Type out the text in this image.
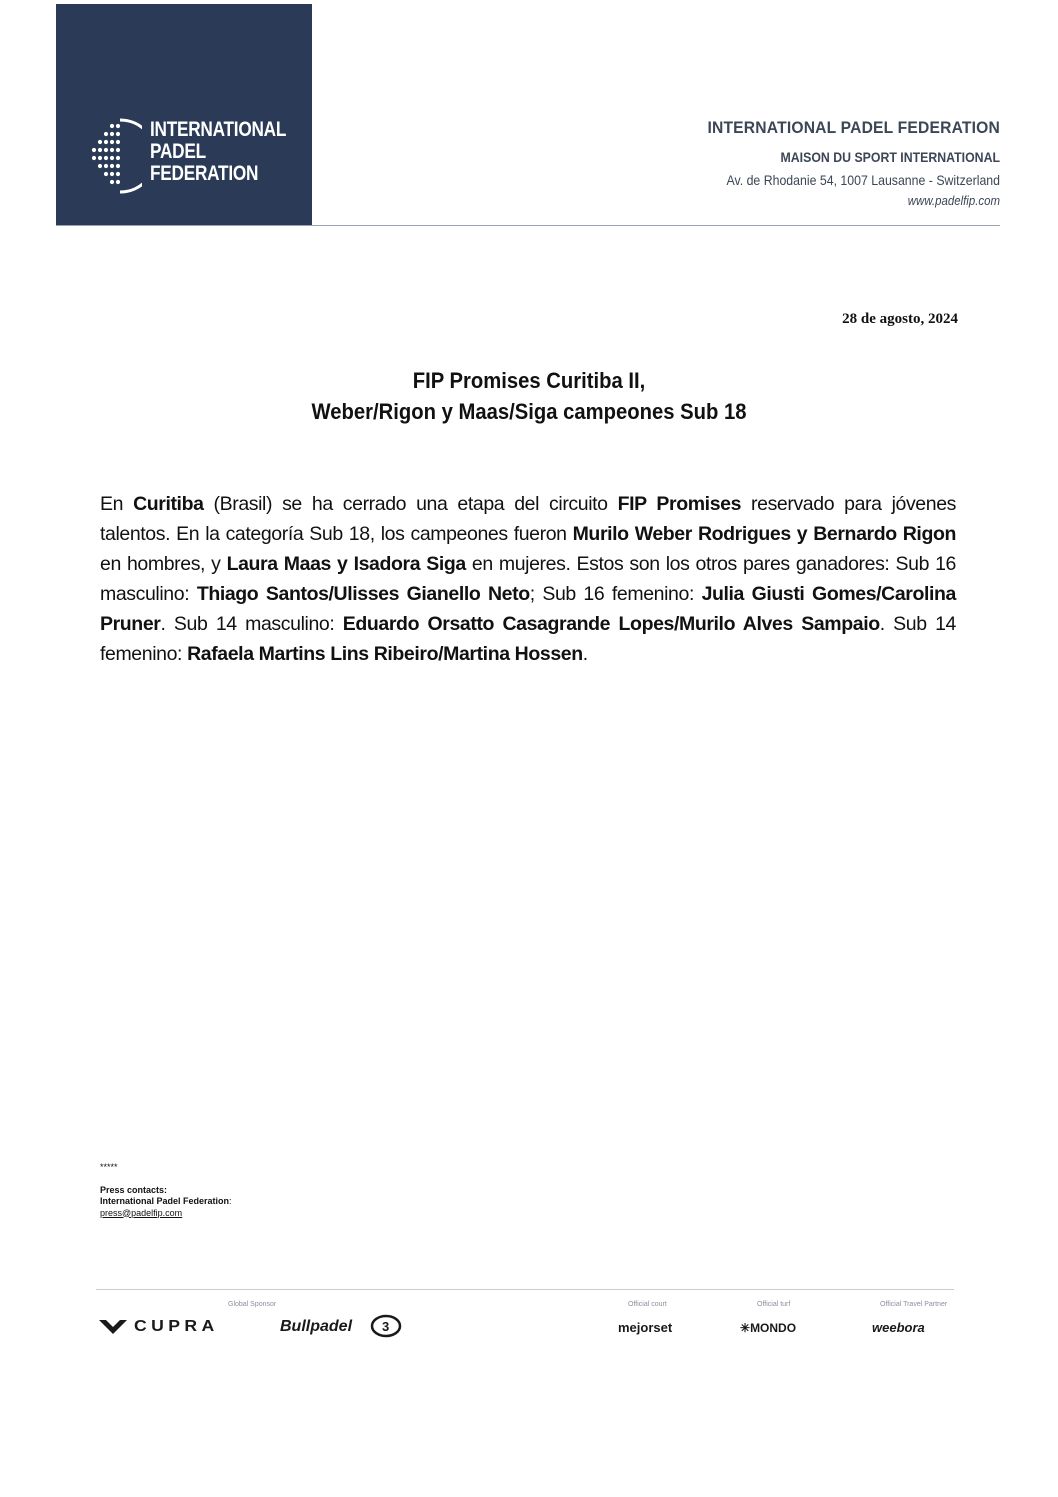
INTERNATIONAL
PADEL
FEDERATION
INTERNATIONAL PADEL FEDERATION
MAISON DU SPORT INTERNATIONAL
Av. de Rhodanie 54, 1007 Lausanne - Switzerland
www.padelfip.com
28 de agosto, 2024
FIP Promises Curitiba II,
Weber/Rigon y Maas/Siga campeones Sub 18
En Curitiba (Brasil) se ha cerrado una etapa del circuito FIP Promises reservado para jóvenes talentos. En la categoría Sub 18, los campeones fueron Murilo Weber Rodrigues y Bernardo Rigon en hombres, y Laura Maas y Isadora Siga en mujeres. Estos son los otros pares ganadores: Sub 16 masculino: Thiago Santos/Ulisses Gianello Neto; Sub 16 femenino: Julia Giusti Gomes/Carolina Pruner. Sub 14 masculino: Eduardo Orsatto Casagrande Lopes/Murilo Alves Sampaio. Sub 14 femenino: Rafaela Martins Lins Ribeiro/Martina Hossen.
*****
Press contacts:
International Padel Federation:
press@padelfip.com
Global Sponsor	Official court	Official turf	Official Travel Partner
CUPRA	Bullpadel 3	mejorset	✳MONDO	weebora
